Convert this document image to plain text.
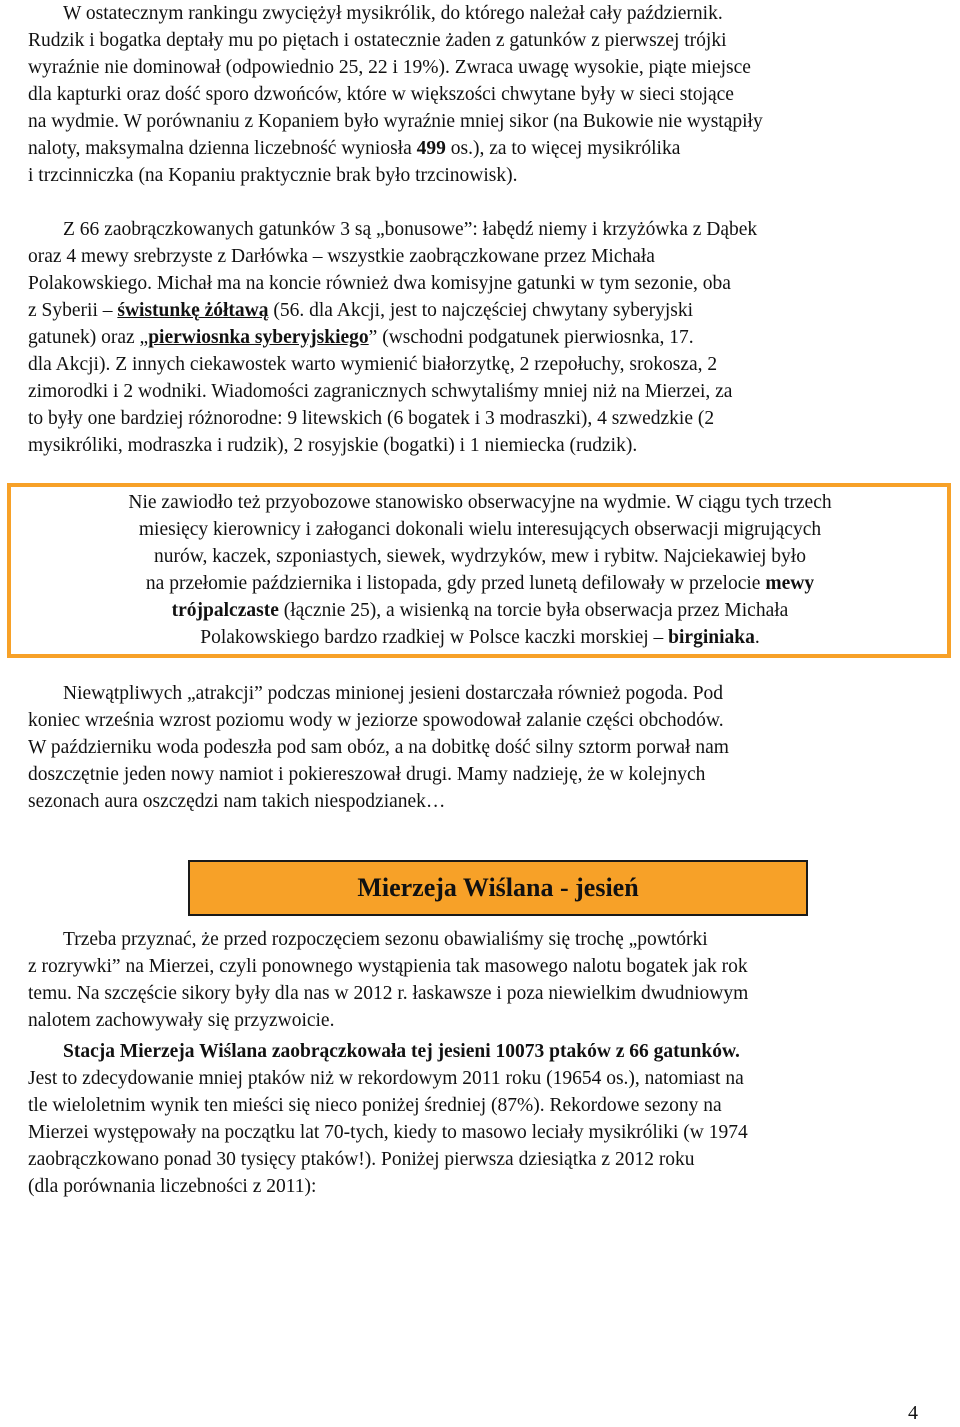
W ostatecznym rankingu zwyciężył mysikrólik, do którego należał cały październik.
Rudzik i bogatka deptały mu po piętach i ostatecznie żaden z gatunków z pierwszej trójki
wyraźnie nie dominował (odpowiednio 25, 22 i 19%). Zwraca uwagę wysokie, piąte miejsce
dla kapturki oraz dość sporo dzwońców, które w większości chwytane były w sieci stojące
na wydmie. W porównaniu z Kopaniem było wyraźnie mniej sikor (na Bukowie nie wystąpiły
naloty, maksymalna dzienna liczebność wyniosła 499 os.), za to więcej mysikrólika
i trzcinniczka (na Kopaniu praktycznie brak było trzcinowisk).
Z 66 zaobrączkowanych gatunków 3 są „bonusowe”: łabędź niemy i krzyżówka z Dąbek
oraz 4 mewy srebrzyste z Darłówka – wszystkie zaobrączkowane przez Michała
Polakowskiego. Michał ma na koncie również dwa komisyjne gatunki w tym sezonie, oba
z Syberii – świstunkę żółtawą (56. dla Akcji, jest to najczęściej chwytany syberyjski
gatunek) oraz „pierwiosnka syberyjskiego” (wschodni podgatunek pierwiosnka, 17.
dla Akcji). Z innych ciekawostek warto wymienić białorzytkę, 2 rzepołuchy, srokosza, 2
zimorodki i 2 wodniki. Wiadomości zagranicznych schwytaliśmy mniej niż na Mierzei, za
to były one bardziej różnorodne: 9 litewskich (6 bogatek i 3 modraszki), 4 szwedzkie (2
mysikróliki, modraszka i rudzik), 2 rosyjskie (bogatki) i 1 niemiecka (rudzik).
Nie zawiodło też przyobozowe stanowisko obserwacyjne na wydmie. W ciągu tych trzech
miesięcy kierownicy i załoganci dokonali wielu interesujących obserwacji migrujących
nurów, kaczek, szponiastych, siewek, wydrzyków, mew i rybitw. Najciekawiej było
na przełomie października i listopada, gdy przed lunetą defilowały w przelocie mewy
trójpalczaste (łącznie 25), a wisienką na torcie była obserwacja przez Michała
Polakowskiego bardzo rzadkiej w Polsce kaczki morskiej – birginiaka.
Niewątpliwych „atrakcji” podczas minionej jesieni dostarczała również pogoda. Pod
koniec września wzrost poziomu wody w jeziorze spowodował zalanie części obchodów.
W październiku woda podeszła pod sam obóz, a na dobitkę dość silny sztorm porwał nam
doszczętnie jeden nowy namiot i pokiereszował drugi. Mamy nadzieję, że w kolejnych
sezonach aura oszczędzi nam takich niespodzianek…
Mierzeja Wiślana - jesień
Trzeba przyznać, że przed rozpoczęciem sezonu obawialiśmy się trochę „powtórki
z rozrywki” na Mierzei, czyli ponownego wystąpienia tak masowego nalotu bogatek jak rok
temu. Na szczęście sikory były dla nas w 2012 r. łaskawsze i poza niewielkim dwudniowym
nalotem zachowywały się przyzwoicie.
Stacja Mierzeja Wiślana zaobrączkowała tej jesieni 10073 ptaków z 66 gatunków.
Jest to zdecydowanie mniej ptaków niż w rekordowym 2011 roku (19654 os.), natomiast na
tle wieloletnim wynik ten mieści się nieco poniżej średniej (87%). Rekordowe sezony na
Mierzei występowały na początku lat 70-tych, kiedy to masowo leciały mysikróliki (w 1974
zaobrączkowano ponad 30 tysięcy ptaków!). Poniżej pierwsza dziesiątka z 2012 roku
(dla porównania liczebności z 2011):
4
